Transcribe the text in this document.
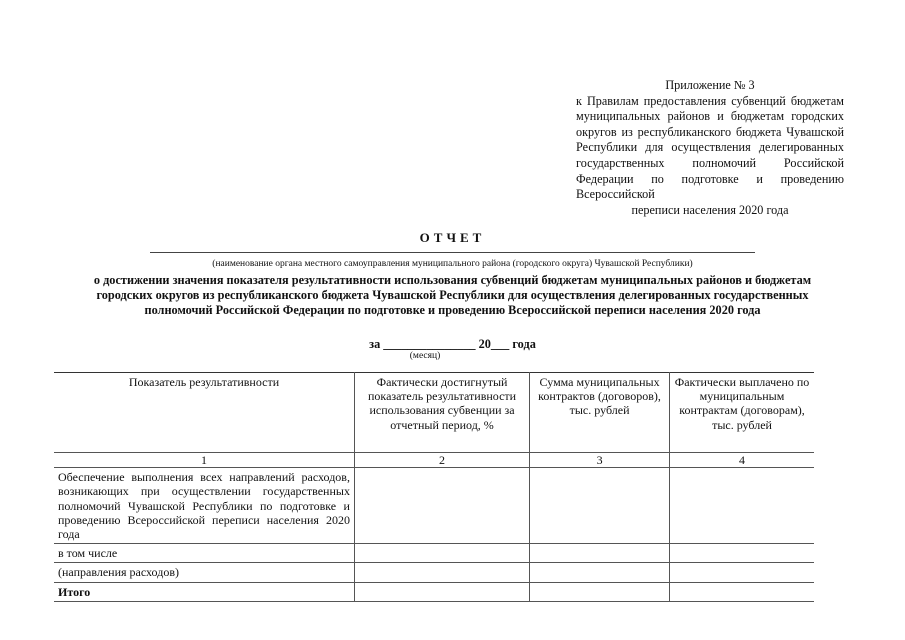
Приложение № 3
к Правилам предоставления субвенций бюджетам муниципальных районов и бюджетам городских округов из республиканского бюджета Чувашской Республики для осуществления делегированных государственных полномочий Российской Федерации по подготовке и проведению Всероссийской
переписи населения 2020 года
ОТЧЕТ
(наименование органа местного самоуправления муниципального района (городского округа) Чувашской Республики)
о достижении значения показателя результативности использования субвенций бюджетам муниципальных районов и бюджетам городских округов из республиканского бюджета Чувашской Республики для осуществления делегированных государственных полномочий Российской Федерации по подготовке и проведению Всероссийской переписи населения 2020 года
за _______________ 20___ года
(месяц)
Показатель результативности	Фактически достигнутый показатель результативности использования субвенции за отчетный период, %	Сумма муниципальных контрактов (договоров), тыс. рублей	Фактически выплачено по муниципальным контрактам (договорам), тыс. рублей
1	2	3	4
Обеспечение выполнения всех направлений расходов, возникающих при осуществлении государственных полномочий Чувашской Республики по подготовке и проведению Всероссийской переписи населения 2020 года			
в том числе			
(направления расходов)			
Итого			
